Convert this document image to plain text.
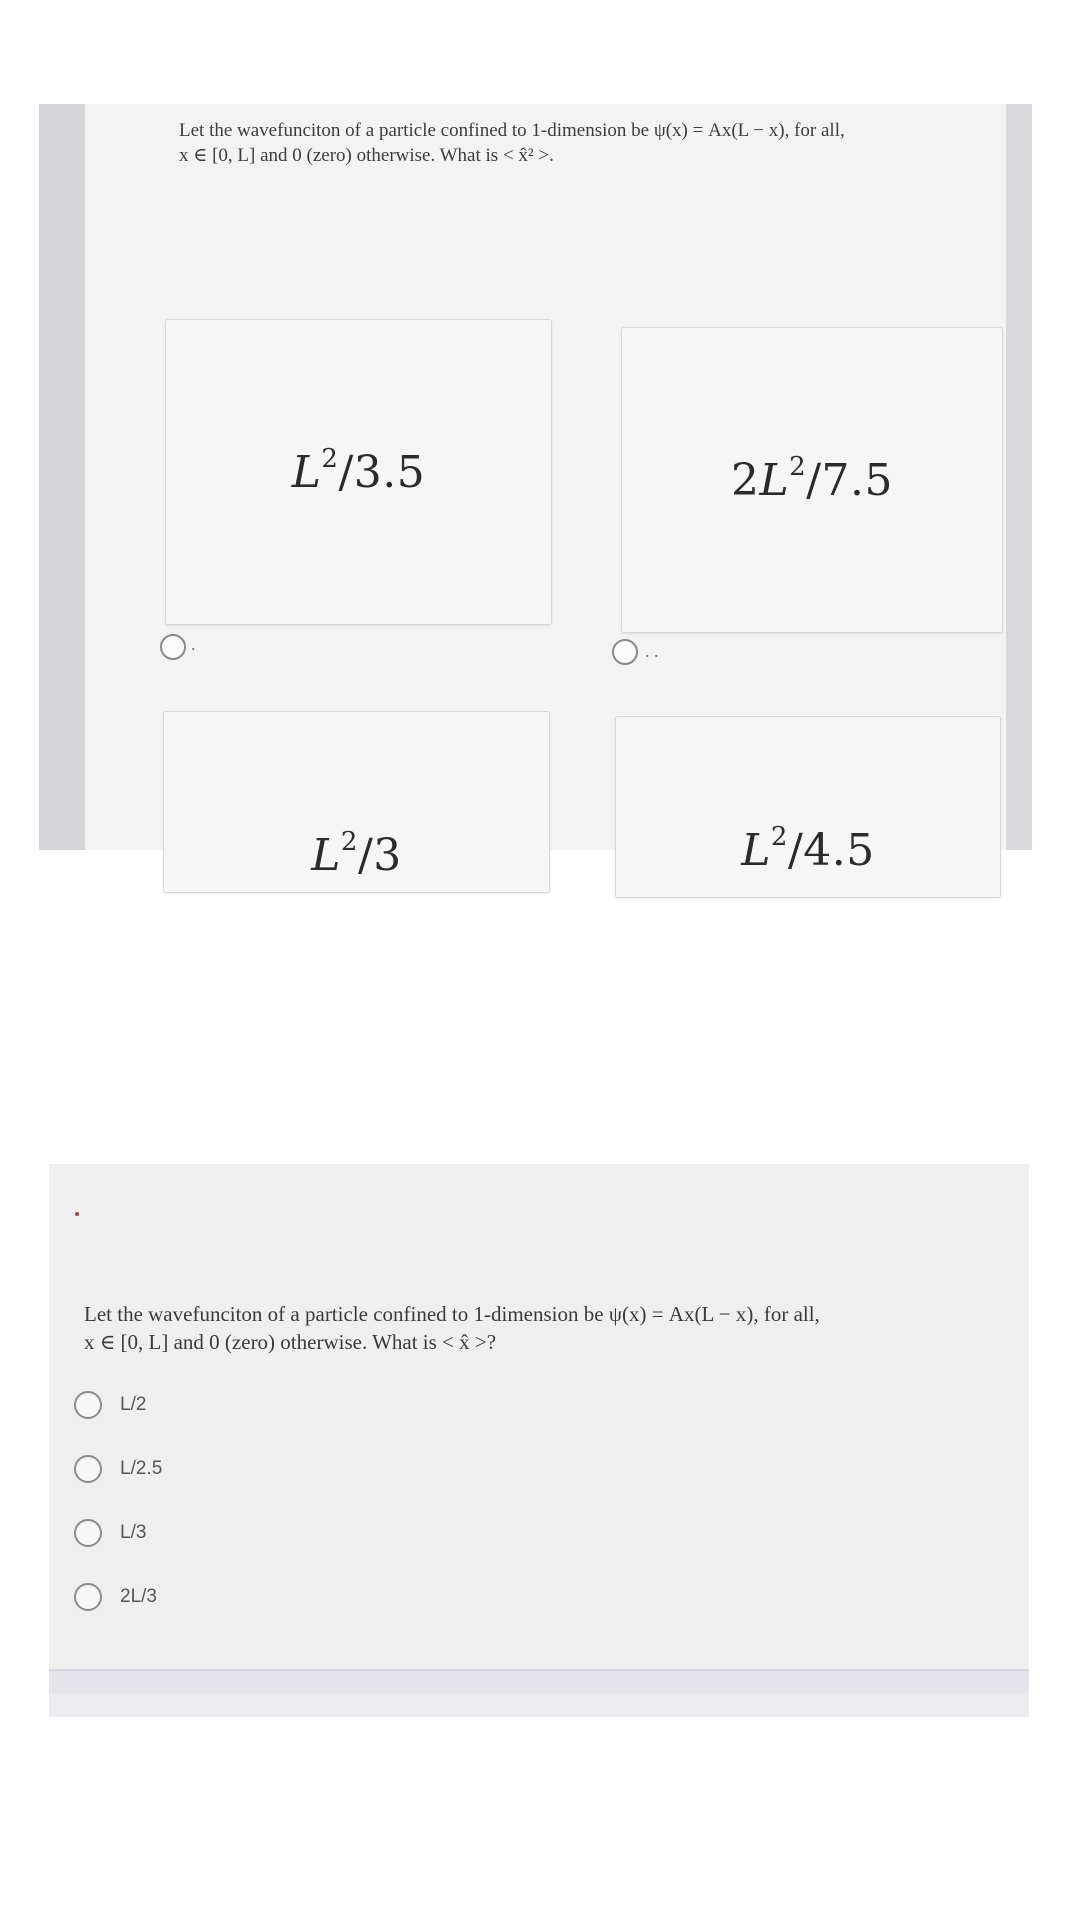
Let the wavefunciton of a particle confined to 1-dimension be ψ(x) = Ax(L − x), for all,
x ∈ [0, L] and 0 (zero) otherwise. What is < x̂² >.

$L^2/3.5$	$2L^2/7.5$
.	. .
$L^2/3$	$L^2/4.5$

Let the wavefunciton of a particle confined to 1-dimension be ψ(x) = Ax(L − x), for all,
x ∈ [0, L] and 0 (zero) otherwise. What is < x̂ >?

L/2
L/2.5
L/3
2L/3
